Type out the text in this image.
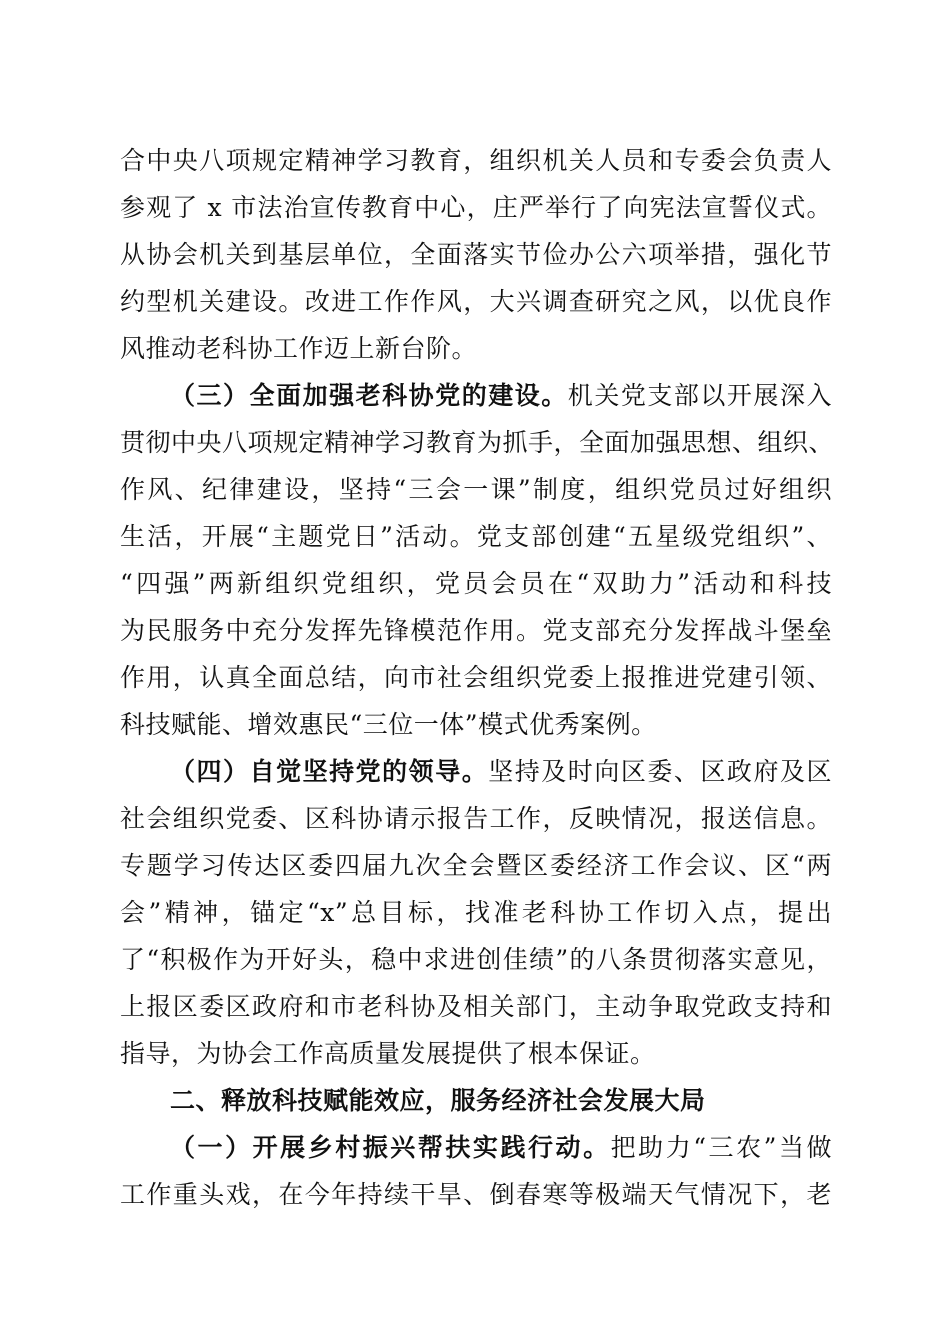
合中央八项规定精神学习教育，组织机关人员和专委会负责人
参观了 x 市法治宣传教育中心，庄严举行了向宪法宣誓仪式。
从协会机关到基层单位，全面落实节俭办公六项举措，强化节
约型机关建设。改进工作作风，大兴调查研究之风，以优良作
风推动老科协工作迈上新台阶。
（三）全面加强老科协党的建设。机关党支部以开展深入
贯彻中央八项规定精神学习教育为抓手，全面加强思想、组织、
作风、纪律建设，坚持“三会一课”制度，组织党员过好组织
生活，开展“主题党日”活动。党支部创建“五星级党组织”、
“四强”两新组织党组织，党员会员在“双助力”活动和科技
为民服务中充分发挥先锋模范作用。党支部充分发挥战斗堡垒
作用，认真全面总结，向市社会组织党委上报推进党建引领、
科技赋能、增效惠民“三位一体”模式优秀案例。
（四）自觉坚持党的领导。坚持及时向区委、区政府及区
社会组织党委、区科协请示报告工作，反映情况，报送信息。
专题学习传达区委四届九次全会暨区委经济工作会议、区“两
会”精神，锚定“x”总目标，找准老科协工作切入点，提出
了“积极作为开好头，稳中求进创佳绩”的八条贯彻落实意见，
上报区委区政府和市老科协及相关部门，主动争取党政支持和
指导，为协会工作高质量发展提供了根本保证。
二、释放科技赋能效应，服务经济社会发展大局
（一）开展乡村振兴帮扶实践行动。把助力“三农”当做
工作重头戏，在今年持续干旱、倒春寒等极端天气情况下，老
